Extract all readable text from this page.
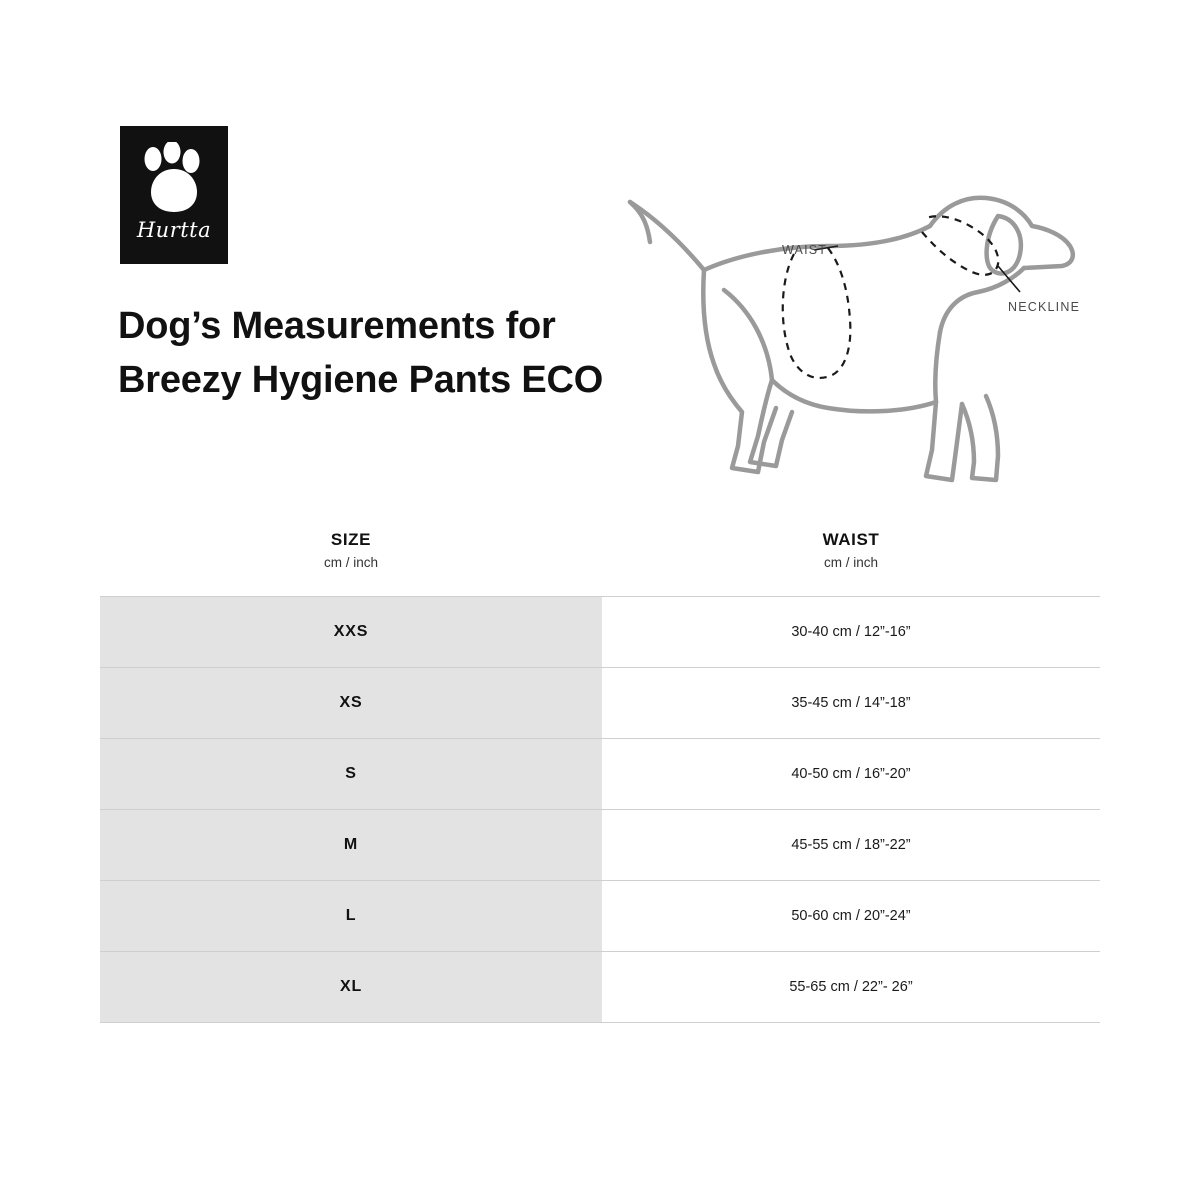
Hurtta
Dog’s Measurements for Breezy Hygiene Pants ECO
WAIST
NECKLINE
SIZE
cm / inch
WAIST
cm / inch
XXS	30-40 cm / 12”-16”
XS	35-45 cm / 14”-18”
S	40-50 cm / 16”-20”
M	45-55 cm / 18”-22”
L	50-60 cm / 20”-24”
XL	55-65 cm / 22”- 26”
